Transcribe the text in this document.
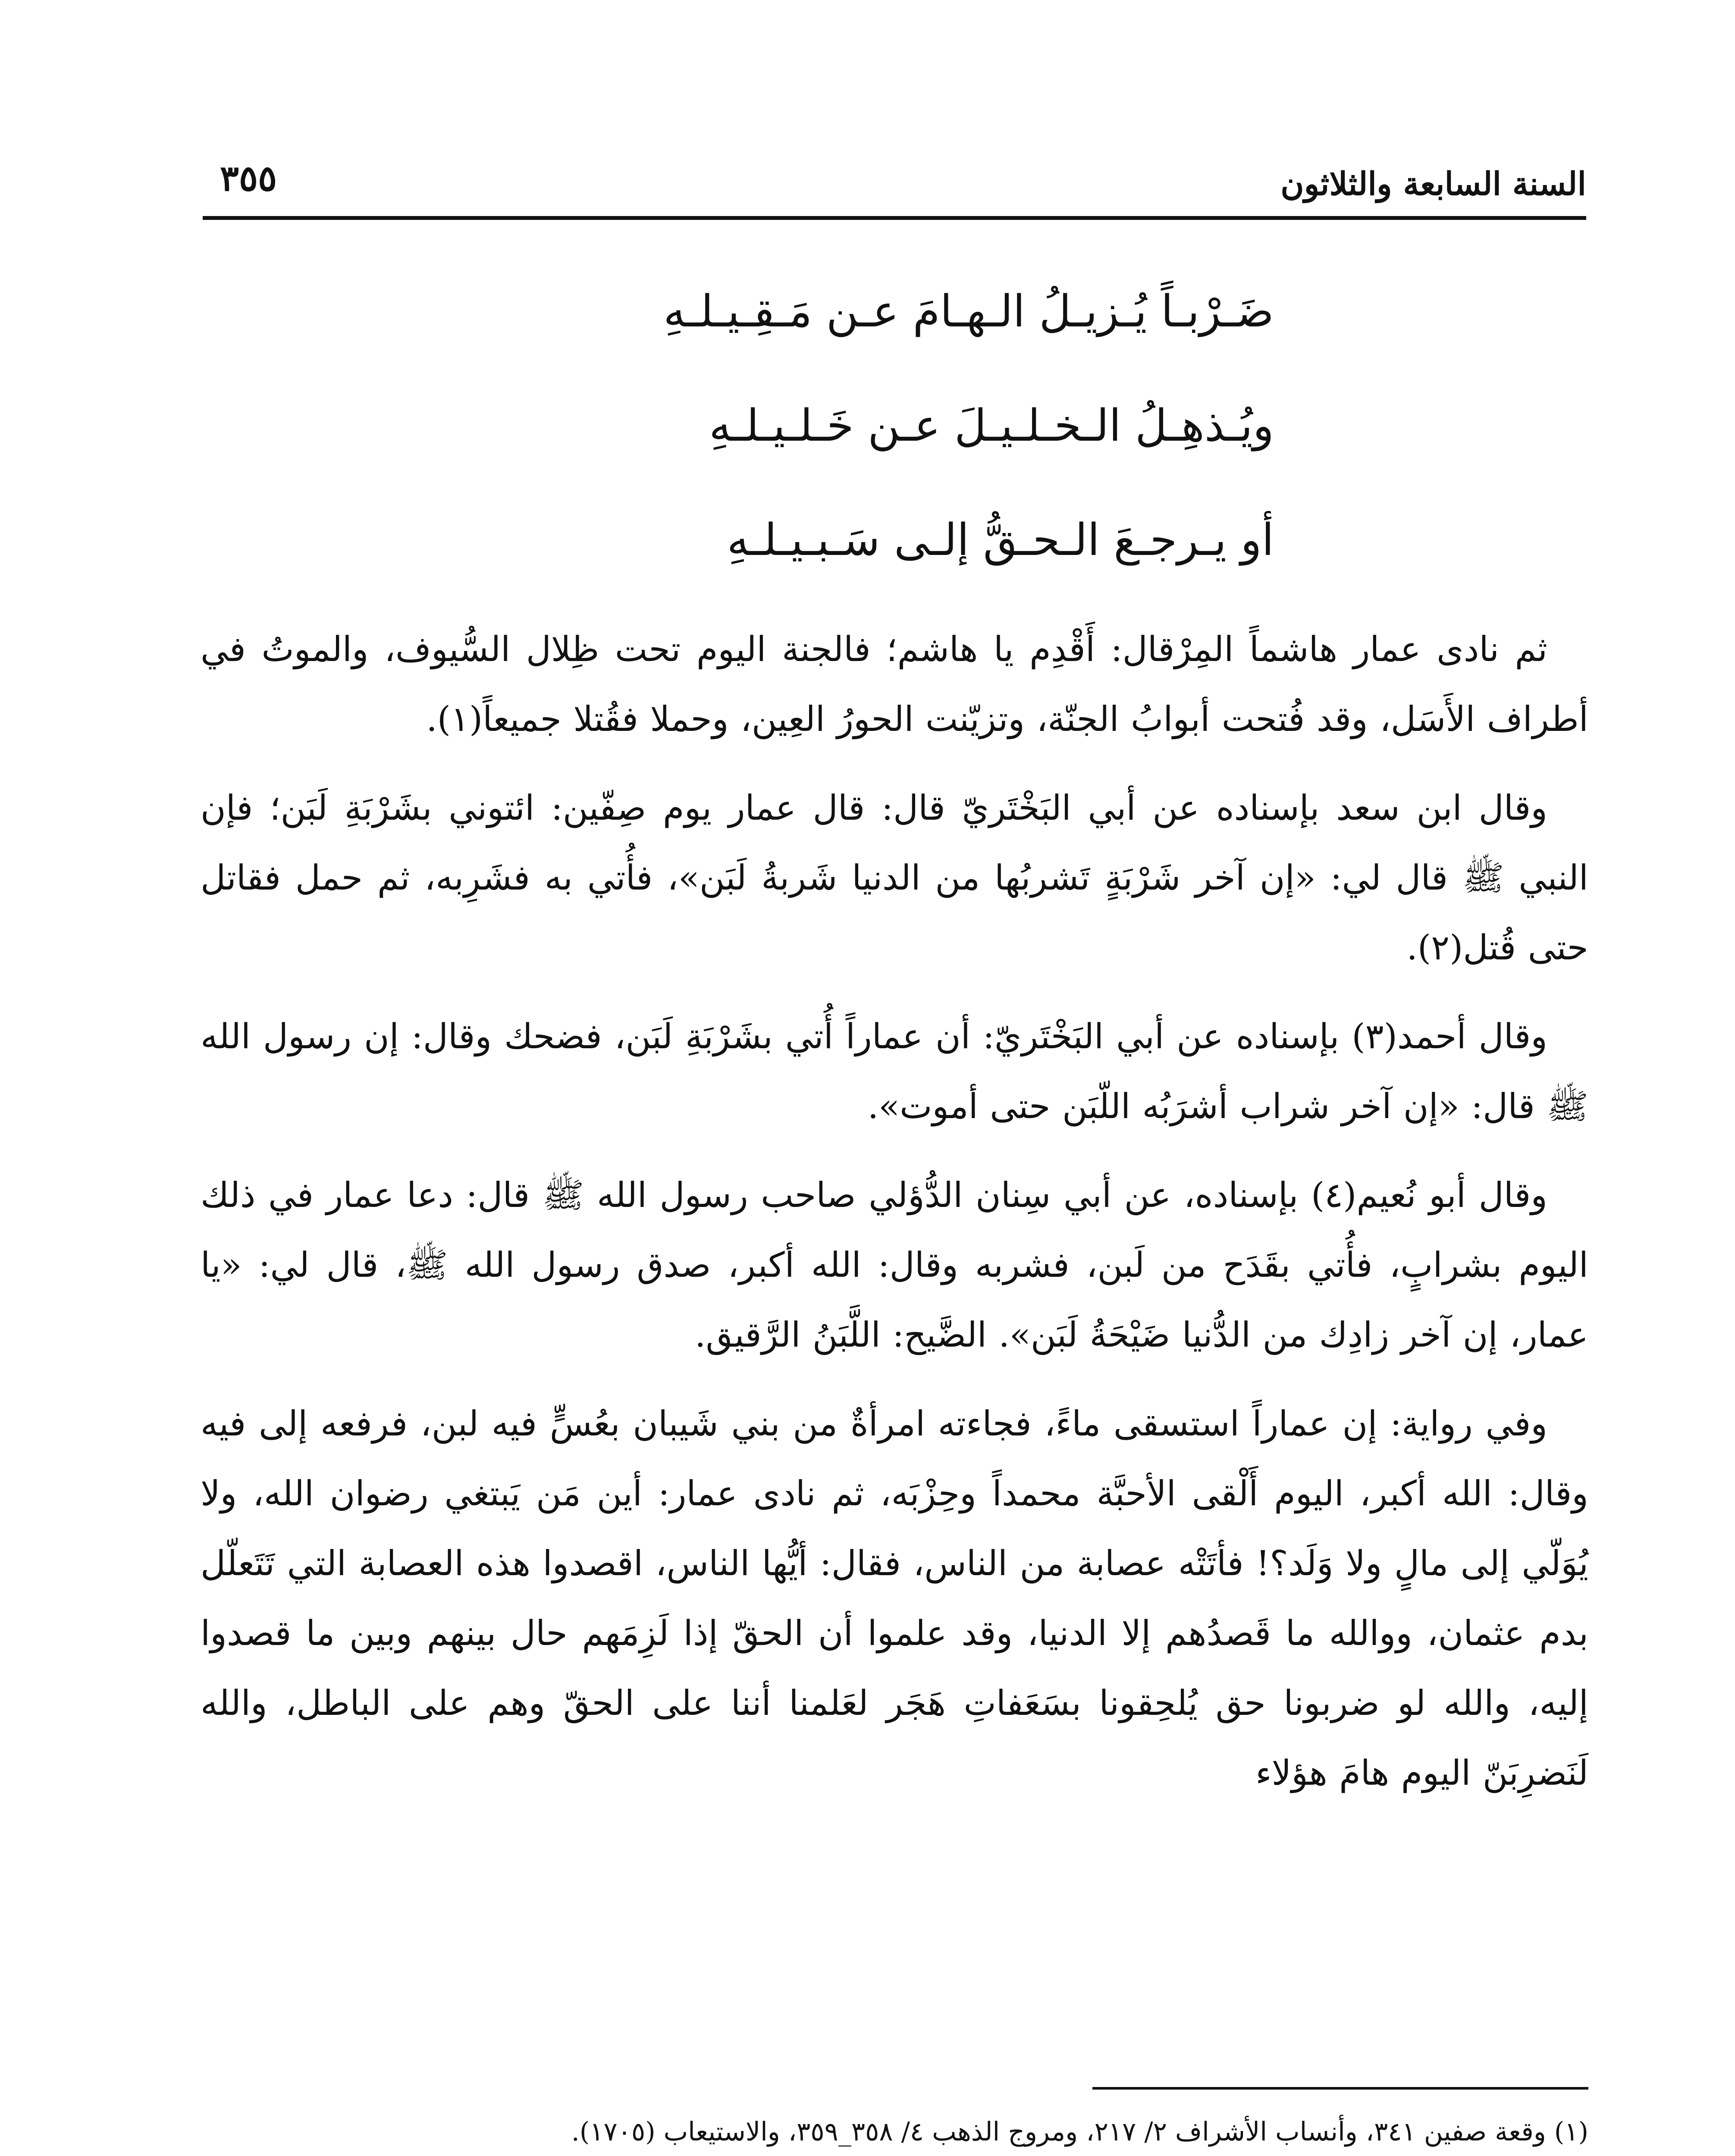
السنة السابعة والثلاثون
٣٥٥
ضَـرْبـاً يُـزيـلُ الـهـامَ عـن مَـقِـيـلـهِ
ويُـذهِـلُ الـخـلـيـلَ عـن خَـلـيـلـهِ
أو يـرجـعَ الـحـقُّ إلـى سَـبـيـلـهِ

ثم نادى عمار هاشماً المِرْقال: أَقْدِم يا هاشم؛ فالجنة اليوم تحت ظِلال السُّيوف، والموتُ في أطراف الأَسَل، وقد فُتحت أبوابُ الجنّة، وتزيّنت الحورُ العِين، وحملا فقُتلا جميعاً(١).

وقال ابن سعد بإسناده عن أبي البَخْتَريّ قال: قال عمار يوم صِفّين: ائتوني بشَرْبَةِ لَبَن؛ فإن النبي ﷺ قال لي: «إن آخر شَرْبَةٍ تَشربُها من الدنيا شَربةُ لَبَن»، فأُتي به فشَرِبه، ثم حمل فقاتل حتى قُتل(٢).

وقال أحمد(٣) بإسناده عن أبي البَخْتَريّ: أن عماراً أُتي بشَرْبَةِ لَبَن، فضحك وقال: إن رسول الله ﷺ قال: «إن آخر شراب أشرَبُه اللّبَن حتى أموت».

وقال أبو نُعيم(٤) بإسناده، عن أبي سِنان الدُّؤلي صاحب رسول الله ﷺ قال: دعا عمار في ذلك اليوم بشرابٍ، فأُتي بقَدَح من لَبن، فشربه وقال: الله أكبر، صدق رسول الله ﷺ، قال لي: «يا عمار، إن آخر زادِك من الدُّنيا ضَيْحَةُ لَبَن». الضَّيح: اللَّبَنُ الرَّقيق.

وفي رواية: إن عماراً استسقى ماءً، فجاءته امرأةٌ من بني شَيبان بعُسٍّ فيه لبن، فرفعه إلى فيه وقال: الله أكبر، اليوم أَلْقى الأحبَّة محمداً وحِزْبَه، ثم نادى عمار: أين مَن يَبتغي رضوان الله، ولا يُوَلّي إلى مالٍ ولا وَلَد؟! فأتَتْه عصابة من الناس، فقال: أيُّها الناس، اقصدوا هذه العصابة التي تَتَعلّل بدم عثمان، ووالله ما قَصدُهم إلا الدنيا، وقد علموا أن الحقّ إذا لَزِمَهم حال بينهم وبين ما قصدوا إليه، والله لو ضربونا حق يُلحِقونا بسَعَفاتِ هَجَر لعَلمنا أننا على الحقّ وهم على الباطل، والله لَنَضرِبَنّ اليوم هامَ هؤلاء

(١) وقعة صفين ٣٤١، وأنساب الأشراف ٢/ ٢١٧، ومروج الذهب ٤/ ٣٥٨_٣٥٩، والاستيعاب (١٧٠٥).
